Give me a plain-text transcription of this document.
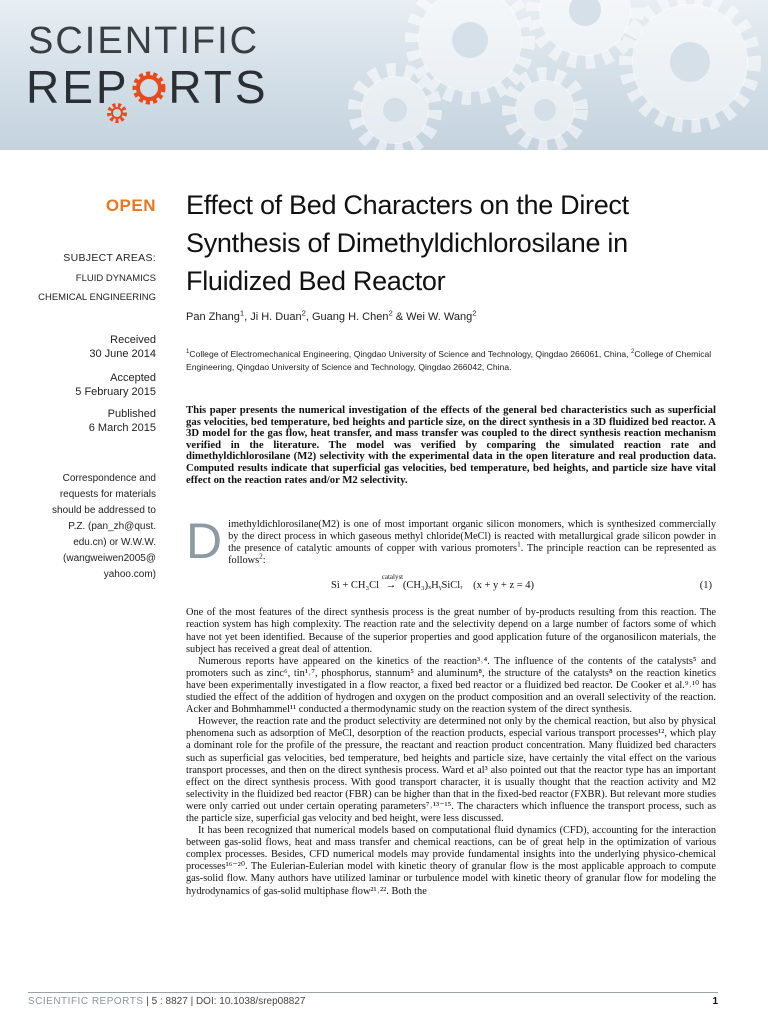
SCIENTIFIC
REP RTS
OPEN
SUBJECT AREAS:
FLUID DYNAMICS
CHEMICAL ENGINEERING
Received
30 June 2014
Accepted
5 February 2015
Published
6 March 2015
Correspondence and
requests for materials
should be addressed to
P.Z. (pan_zh@qust.
edu.cn) or W.W.W.
(wangweiwen2005@
yahoo.com)
Effect of Bed Characters on the Direct Synthesis of Dimethyldichlorosilane in Fluidized Bed Reactor
Pan Zhang$^1$, Ji H. Duan$^2$, Guang H. Chen$^2$ & Wei W. Wang$^2$
$^1$College of Electromechanical Engineering, Qingdao University of Science and Technology, Qingdao 266061, China, $^2$College of Chemical Engineering, Qingdao University of Science and Technology, Qingdao 266042, China.
This paper presents the numerical investigation of the effects of the general bed characteristics such as superficial gas velocities, bed temperature, bed heights and particle size, on the direct synthesis in a 3D fluidized bed reactor. A 3D model for the gas flow, heat transfer, and mass transfer was coupled to the direct synthesis reaction mechanism verified in the literature. The model was verified by comparing the simulated reaction rate and dimethyldichlorosilane (M2) selectivity with the experimental data in the open literature and real production data. Computed results indicate that superficial gas velocities, bed temperature, bed heights, and particle size have vital effect on the reaction rates and/or M2 selectivity.

Dimethyldichlorosilane(M2) is one of most important organic silicon monomers, which is synthesized commercially by the direct process in which gaseous methyl chloride(MeCl) is reacted with metallurgical grade silicon powder in the presence of catalytic amounts of copper with various promoters$^1$. The principle reaction can be represented as follows$^2$:

Si + CH₃Cl
catalyst
→ (CH₃)ₓHᵧSiClᵣ (x + y + z = 4)	(1)

One of the most features of the direct synthesis process is the great number of by-products resulting from this reaction. The reaction system has high complexity. The reaction rate and the selectivity depend on a large number of factors some of which have not yet been identified. Because of the superior properties and good application future of the organosilicon materials, the subject has received a great deal of attention.

Numerous reports have appeared on the kinetics of the reaction³˒⁴. The influence of the contents of the catalysts⁵ and promoters such as zinc⁶, tin¹˒⁷, phosphorus, stannum⁵ and aluminum⁸, the structure of the catalysts⁸ on the reaction kinetics have been experimentally investigated in a flow reactor, a fixed bed reactor or a fluidized bed reactor. De Cooker et al.⁹˒¹⁰ has studied the effect of the addition of hydrogen and oxygen on the product composition and an overall selectivity of the reaction. Acker and Bohmhammel¹¹ conducted a thermodynamic study on the reaction system of the direct synthesis.

However, the reaction rate and the product selectivity are determined not only by the chemical reaction, but also by physical phenomena such as adsorption of MeCl, desorption of the reaction products, especial various transport processes¹², which play a dominant role for the profile of the pressure, the reactant and reaction product concentration. Many fluidized bed characters such as superficial gas velocities, bed temperature, bed heights and particle size, have certainly the vital effect on the various transport processes, and then on the direct synthesis process. Ward et al³ also pointed out that the reactor type has an important effect on the direct synthesis process. With good transport character, it is usually thought that the reaction activity and M2 selectivity in the fluidized bed reactor (FBR) can be higher than that in the fixed-bed reactor (FXBR). But relevant more studies were only carried out under certain operating parameters⁷˒¹³⁻¹⁵. The characters which influence the transport process, such as the particle size, superficial gas velocity and bed height, were less discussed.

It has been recognized that numerical models based on computational fluid dynamics (CFD), accounting for the interaction between gas-solid flows, heat and mass transfer and chemical reactions, can be of great help in the optimization of various complex processes. Besides, CFD numerical models may provide fundamental insights into the underlying physico-chemical processes¹⁶⁻²⁰. The Eulerian-Eulerian model with kinetic theory of granular flow is the most applicable approach to compute gas-solid flow. Many authors have utilized laminar or turbulence model with kinetic theory of granular flow for modeling the hydrodynamics of gas-solid multiphase flow²¹˒²². Both the

SCIENTIFIC REPORTS | 5 : 8827 | DOI: 10.1038/srep08827	1
